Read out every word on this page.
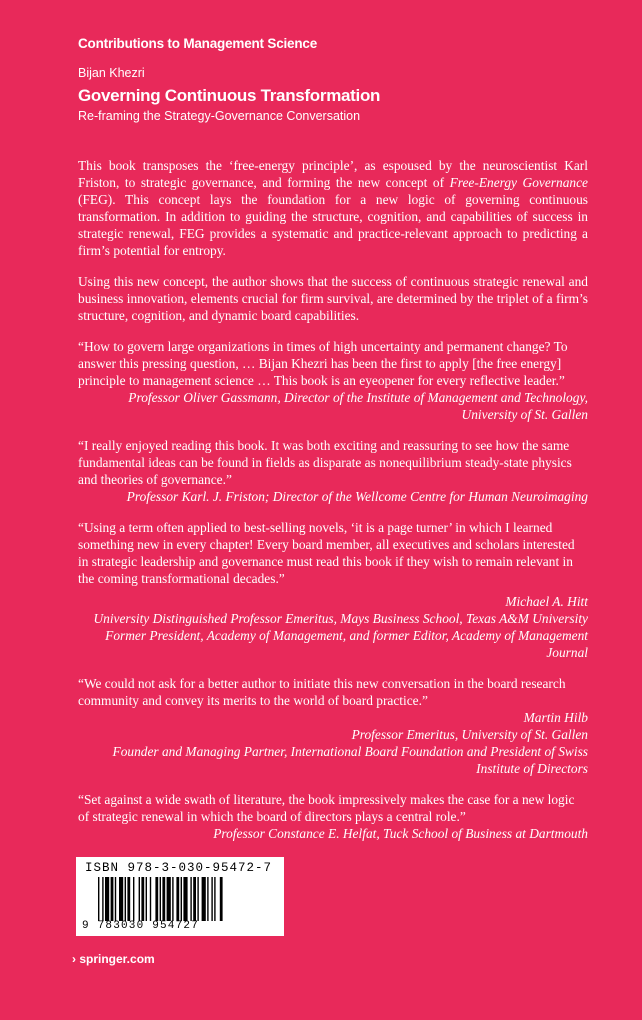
Contributions to Management Science
Bijan Khezri
Governing Continuous Transformation
Re-framing the Strategy-Governance Conversation

This book transposes the ‘free-energy principle’, as espoused by the neuroscientist Karl Friston, to strategic governance, and forming the new concept of Free-Energy Governance (FEG). This concept lays the foundation for a new logic of governing continuous transformation. In addition to guiding the structure, cognition, and capabilities of success in strategic renewal, FEG provides a systematic and practice-relevant approach to predicting a firm’s potential for entropy.

Using this new concept, the author shows that the success of continuous strategic renewal and business innovation, elements crucial for firm survival, are determined by the triplet of a firm’s structure, cognition, and dynamic board capabilities.

“How to govern large organizations in times of high uncertainty and permanent change? To answer this pressing question, … Bijan Khezri has been the first to apply [the free energy] principle to management science … This book is an eyeopener for every reflective leader.”
Professor Oliver Gassmann, Director of the Institute of Management and Technology,
University of St. Gallen
“I really enjoyed reading this book. It was both exciting and reassuring to see how the same fundamental ideas can be found in fields as disparate as nonequilibrium steady-state physics and theories of governance.”
Professor Karl. J. Friston; Director of the Wellcome Centre for Human Neuroimaging
“Using a term often applied to best-selling novels, ‘it is a page turner’ in which I learned something new in every chapter! Every board member, all executives and scholars interested in strategic leadership and governance must read this book if they wish to remain relevant in the coming transformational decades.”
Michael A. Hitt
University Distinguished Professor Emeritus, Mays Business School, Texas A&M University
Former President, Academy of Management, and former Editor, Academy of Management
Journal
“We could not ask for a better author to initiate this new conversation in the board research community and convey its merits to the world of board practice.”
Martin Hilb
Professor Emeritus, University of St. Gallen
Founder and Managing Partner, International Board Foundation and President of Swiss
Institute of Directors
“Set against a wide swath of literature, the book impressively makes the case for a new logic of strategic renewal in which the board of directors plays a central role.”
Professor Constance E. Helfat, Tuck School of Business at Dartmouth
ISBN 978-3-030-95472-7
9 783030 954727
› springer.com
